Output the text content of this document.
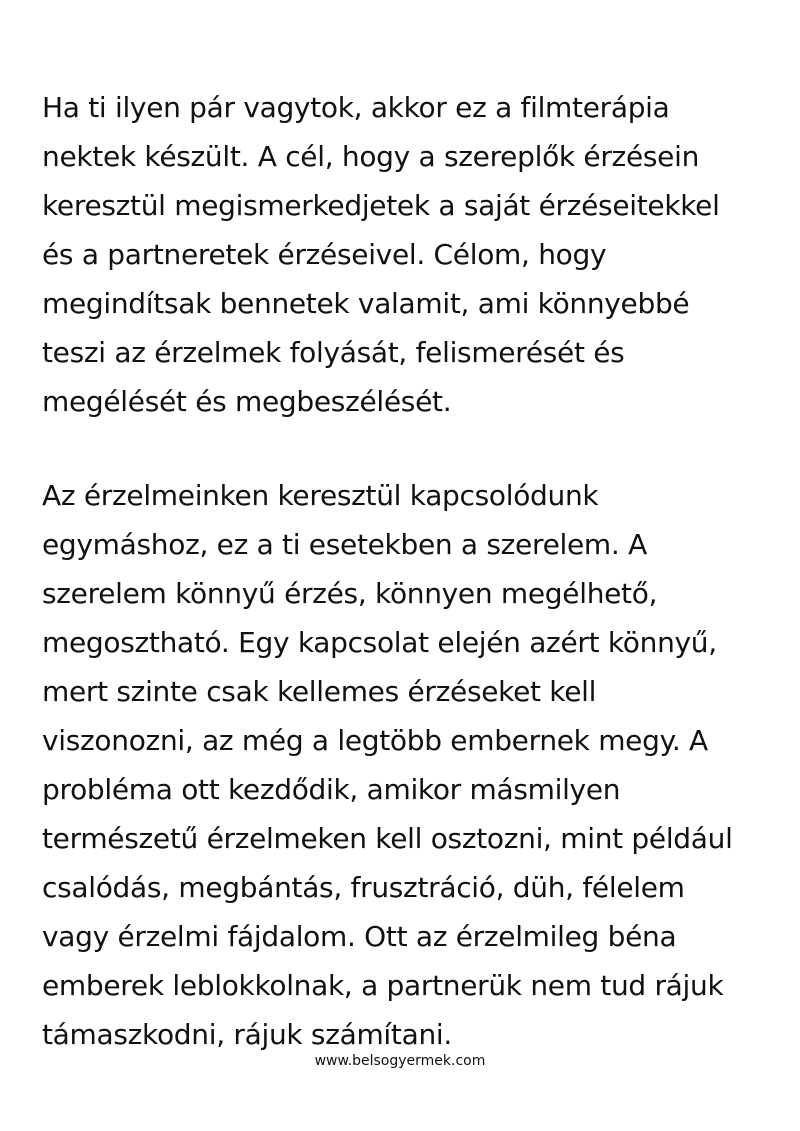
Ha ti ilyen pár vagytok, akkor ez a filmterápia
nektek készült. A cél, hogy a szereplők érzésein
keresztül megismerkedjetek a saját érzéseitekkel
és a partneretek érzéseivel. Célom, hogy
megindítsak bennetek valamit, ami könnyebbé
teszi az érzelmek folyását, felismerését és
megélését és megbeszélését.
Az érzelmeinken keresztül kapcsolódunk
egymáshoz, ez a ti esetekben a szerelem. A
szerelem könnyű érzés, könnyen megélhető,
megosztható. Egy kapcsolat elején azért könnyű,
mert szinte csak kellemes érzéseket kell
viszonozni, az még a legtöbb embernek megy. A
probléma ott kezdődik, amikor másmilyen
természetű érzelmeken kell osztozni, mint például
csalódás, megbántás, frusztráció, düh, félelem
vagy érzelmi fájdalom. Ott az érzelmileg béna
emberek leblokkolnak, a partnerük nem tud rájuk
támaszkodni, rájuk számítani.
www.belsogyermek.com
